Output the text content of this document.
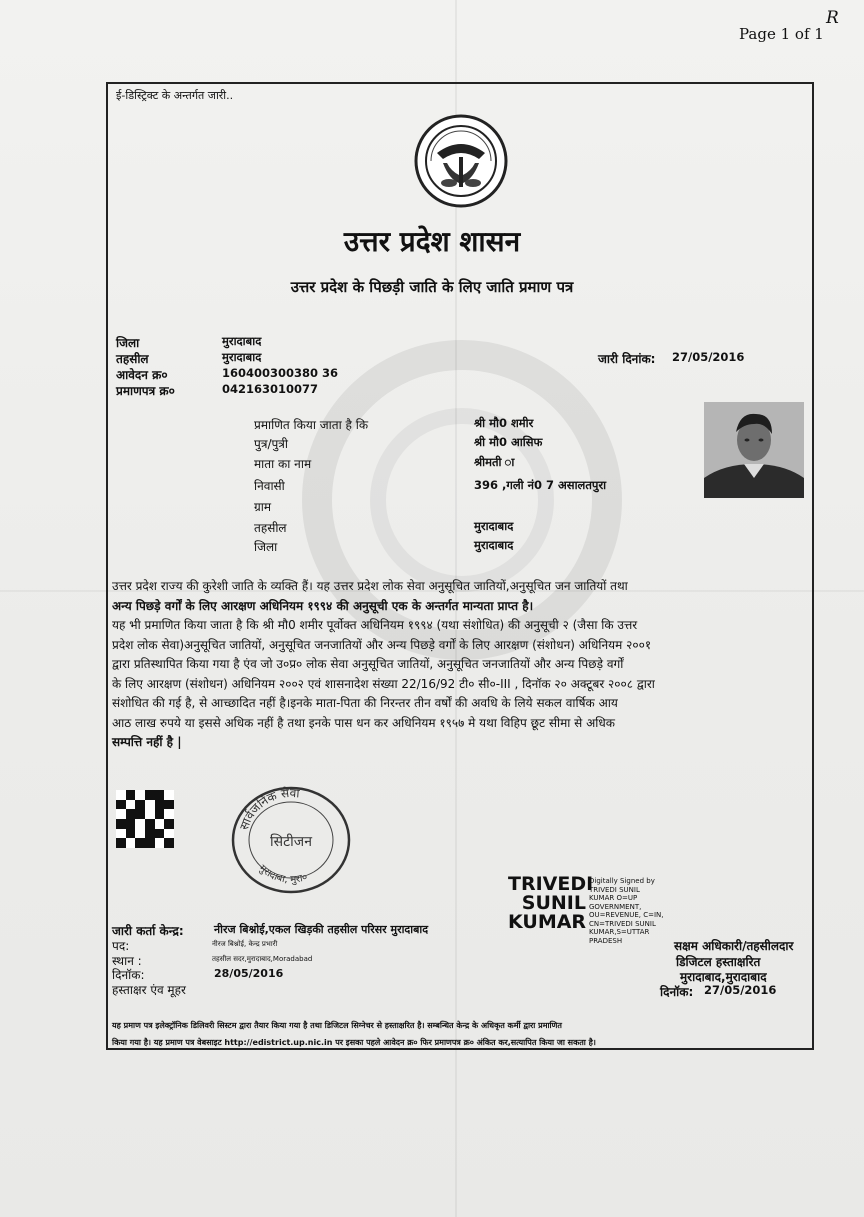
Page 1 of 1
R
ई-डिस्ट्रिक्ट के अन्तर्गत जारी..
उत्तर प्रदेश शासन
उत्तर प्रदेश के पिछड़ी जाति के लिए जाति प्रमाण पत्र
जिला	मुरादाबाद
तहसील	मुरादाबाद
आवेदन क्र०	160400300380 36
प्रमाणपत्र क्र०	042163010077
जारी दिनांक: 27/05/2016
प्रमाणित किया जाता है कि	श्री मौ0 शमीर
पुत्र/पुत्री	श्री मौ0 आसिफ
माता का नाम	श्रीमती ा
निवासी	396 ,गली नं0 7 असालतपुरा
ग्राम
तहसील	मुरादाबाद
जिला	मुरादाबाद

उत्तर प्रदेश राज्य की कुरेशी जाति के व्यक्ति हैं। यह उत्तर प्रदेश लोक सेवा अनुसूचित जातियों,अनुसूचित जन जातियों तथा

अन्य पिछड़े वर्गों के लिए आरक्षण अधिनियम १९९४ की अनुसूची एक के अन्तर्गत मान्यता प्राप्त है।

यह भी प्रमाणित किया जाता है कि श्री मौ0 शमीर पूर्वोक्त अधिनियम १९९४ (यथा संशोधित) की अनुसूची २ (जैसा कि उत्तर

प्रदेश लोक सेवा)अनुसूचित जातियों, अनुसूचित जनजातियों और अन्य पिछड़े वर्गों के लिए आरक्षण (संशोधन) अधिनियम २००१

द्वारा प्रतिस्थापित किया गया है एंव जो उ०प्र० लोक सेवा अनुसूचित जातियों, अनुसूचित जनजातियों और अन्य पिछड़े वर्गों

के लिए आरक्षण (संशोधन) अधिनियम २००२ एवं शासनादेश संख्या 22/16/92 टी० सी०-III , दिनॉक २० अक्टूबर २००८ द्वारा

संशोधित की गई है, से आच्छादित नहीं है।इनके माता-पिता की निरन्तर तीन वर्षों की अवधि के लिये सकल वार्षिक आय

आठ लाख रुपये या इससे अधिक नहीं है तथा इनके पास धन कर अधिनियम १९५७ मे यथा विहिप छूट सीमा से अधिक

सम्पत्ति नहीं है |

सार्वजनिक सेवा
मुरादाबा, मुरा०
सिटीजन
TRIVEDI
SUNIL
KUMAR
Digitally Signed by TRIVEDI SUNIL KUMAR O=UP GOVERNMENT, OU=REVENUE, C=IN, CN=TRIVEDI SUNIL KUMAR,S=UTTAR PRADESH
जारी कर्ता केन्द्र:	नीरज बिश्नोई,एकल खिड़की तहसील परिसर मुरादाबाद
पद:	नीरज बिश्नोई, केन्द्र प्रभारी
स्थान :	तहसील सदर,मुरादाबाद,Moradabad
दिनॉक:	28/05/2016
हस्ताक्षर एंव मूहर
सक्षम अधिकारी/तहसीलदार
डिजिटल हस्ताक्षरित
मुरादाबाद,मुरादाबाद
दिनॉक: 27/05/2016
यह प्रमाण पत्र इलेक्ट्रॉनिक डिलिवरी सिस्टम द्वारा तैयार किया गया है तथा डिजिटल सिग्नेचर से हस्ताक्षरित है। सम्बन्धित केन्द्र के अधिकृत कर्मी द्वारा प्रमाणित
किया गया है। यह प्रमाण पत्र वेबसाइट http://edistrict.up.nic.in पर इसका पहले आवेदन क्र० फिर प्रमाणपत्र क्र० अंकित कर,सत्यापित किया जा सकता है।
